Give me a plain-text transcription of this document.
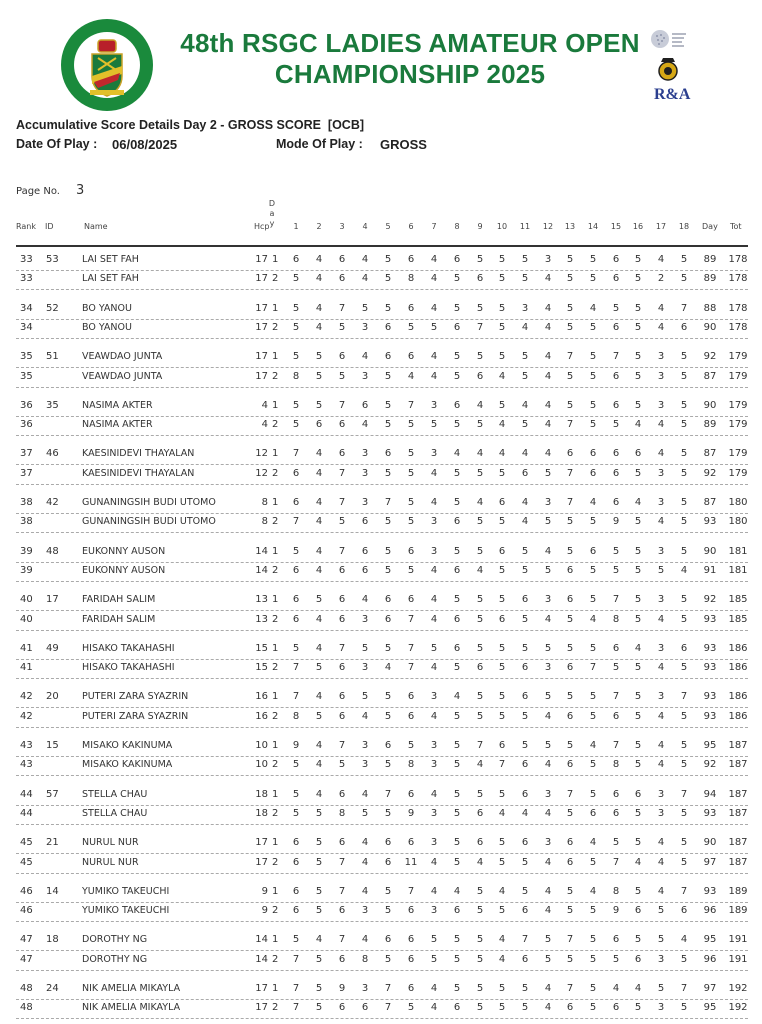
48th RSGC LADIES AMATEUR OPEN
CHAMPIONSHIP 2025
R&A
Accumulative Score Details Day 2 - GROSS SCORE  [OCB]
Date Of Play : 06/08/2025	Mode Of Play : GROSS
Page No. 3
Rank ID	Name	Hcp
D
a
y	1	2	3	4	5	6	7	8	9	10 11 12 13 14 15 16 17 18 Day Tot
33 53 LAI SET FAH	17 1	6	4	6	4	5	6	4	6	5	5	5	3	5	5	6	5	4	5	89 178
33	LAI SET FAH	17 2	5	4	6	4	5	8	4	5	6	5	5	4	5	5	6	5	2	5	89 178
34 52 BO YANOU	17 1	5	4	7	5	5	6	4	5	5	5	3	4	5	4	5	5	4	7	88 178
34	BO YANOU	17 2	5	4	5	3	6	5	5	6	7	5	4	4	5	5	6	5	4	6	90 178
35 51 VEAWDAO JUNTA	17 1	5	5	6	4	6	6	4	5	5	5	5	4	7	5	7	5	3	5	92 179
35	VEAWDAO JUNTA	17 2	8	5	5	3	5	4	4	5	6	4	5	4	5	5	6	5	3	5	87 179
36 35 NASIMA AKTER	4 1	5	5	7	6	5	7	3	6	4	5	4	4	5	5	6	5	3	5	90 179
36	NASIMA AKTER	4 2	5	6	6	4	5	5	5	5	5	4	5	4	7	5	5	4	4	5	89 179
37 46 KAESINIDEVI THAYALAN	12 1	7	4	6	3	6	5	3	4	4	4	4	4	6	6	6	6	4	5	87 179
37	KAESINIDEVI THAYALAN	12 2	6	4	7	3	5	5	4	5	5	5	6	5	7	6	6	5	3	5	92 179
38 42 GUNANINGSIH BUDI UTOMO	8 1	6	4	7	3	7	5	4	5	4	6	4	3	7	4	6	4	3	5	87 180
38	GUNANINGSIH BUDI UTOMO	8 2	7	4	5	6	5	5	3	6	5	5	4	5	5	5	9	5	4	5	93 180
39 48 EUKONNY AUSON	14 1	5	4	7	6	5	6	3	5	5	6	5	4	5	6	5	5	3	5	90 181
39	EUKONNY AUSON	14 2	6	4	6	6	5	5	4	6	4	5	5	5	6	5	5	5	5	4	91 181
40 17 FARIDAH SALIM	13 1	6	5	6	4	6	6	4	5	5	5	6	3	6	5	7	5	3	5	92 185
40	FARIDAH SALIM	13 2	6	4	6	3	6	7	4	6	5	6	5	4	5	4	8	5	4	5	93 185
41 49 HISAKO TAKAHASHI	15 1	5	4	7	5	5	7	5	6	5	5	5	5	5	5	6	4	3	6	93 186
41	HISAKO TAKAHASHI	15 2	7	5	6	3	4	7	4	5	6	5	6	3	6	7	5	5	4	5	93 186
42 20 PUTERI ZARA SYAZRIN	16 1	7	4	6	5	5	6	3	4	5	5	6	5	5	5	7	5	3	7	93 186
42	PUTERI ZARA SYAZRIN	16 2	8	5	6	4	5	6	4	5	5	5	5	4	6	5	6	5	4	5	93 186
43 15 MISAKO KAKINUMA	10 1	9	4	7	3	6	5	3	5	7	6	5	5	5	4	7	5	4	5	95 187
43	MISAKO KAKINUMA	10 2	5	4	5	3	5	8	3	5	4	7	6	4	6	5	8	5	4	5	92 187
44 57 STELLA CHAU	18 1	5	4	6	4	7	6	4	5	5	5	6	3	7	5	6	6	3	7	94 187
44	STELLA CHAU	18 2	5	5	8	5	5	9	3	5	6	4	4	4	5	6	6	5	3	5	93 187
45 21 NURUL NUR	17 1	6	5	6	4	6	6	3	5	6	5	6	3	6	4	5	5	4	5	90 187
45	NURUL NUR	17 2	6	5	7	4	6	11	4	5	4	5	5	4	6	5	7	4	4	5	97 187
46 14 YUMIKO TAKEUCHI	9 1	6	5	7	4	5	7	4	4	5	4	5	4	5	4	8	5	4	7	93 189
46	YUMIKO TAKEUCHI	9 2	6	5	6	3	5	6	3	6	5	5	6	4	5	5	9	6	5	6	96 189
47 18 DOROTHY NG	14 1	5	4	7	4	6	6	5	5	5	4	7	5	7	5	6	5	5	4	95 191
47	DOROTHY NG	14 2	7	5	6	8	5	6	5	5	5	4	6	5	5	5	5	6	3	5	96 191
48 24 NIK AMELIA MIKAYLA	17 1	7	5	9	3	7	6	4	5	5	5	5	4	7	5	4	4	5	7	97 192
48	NIK AMELIA MIKAYLA	17 2	7	5	6	6	7	5	4	6	5	5	5	4	6	5	6	5	3	5	95 192
